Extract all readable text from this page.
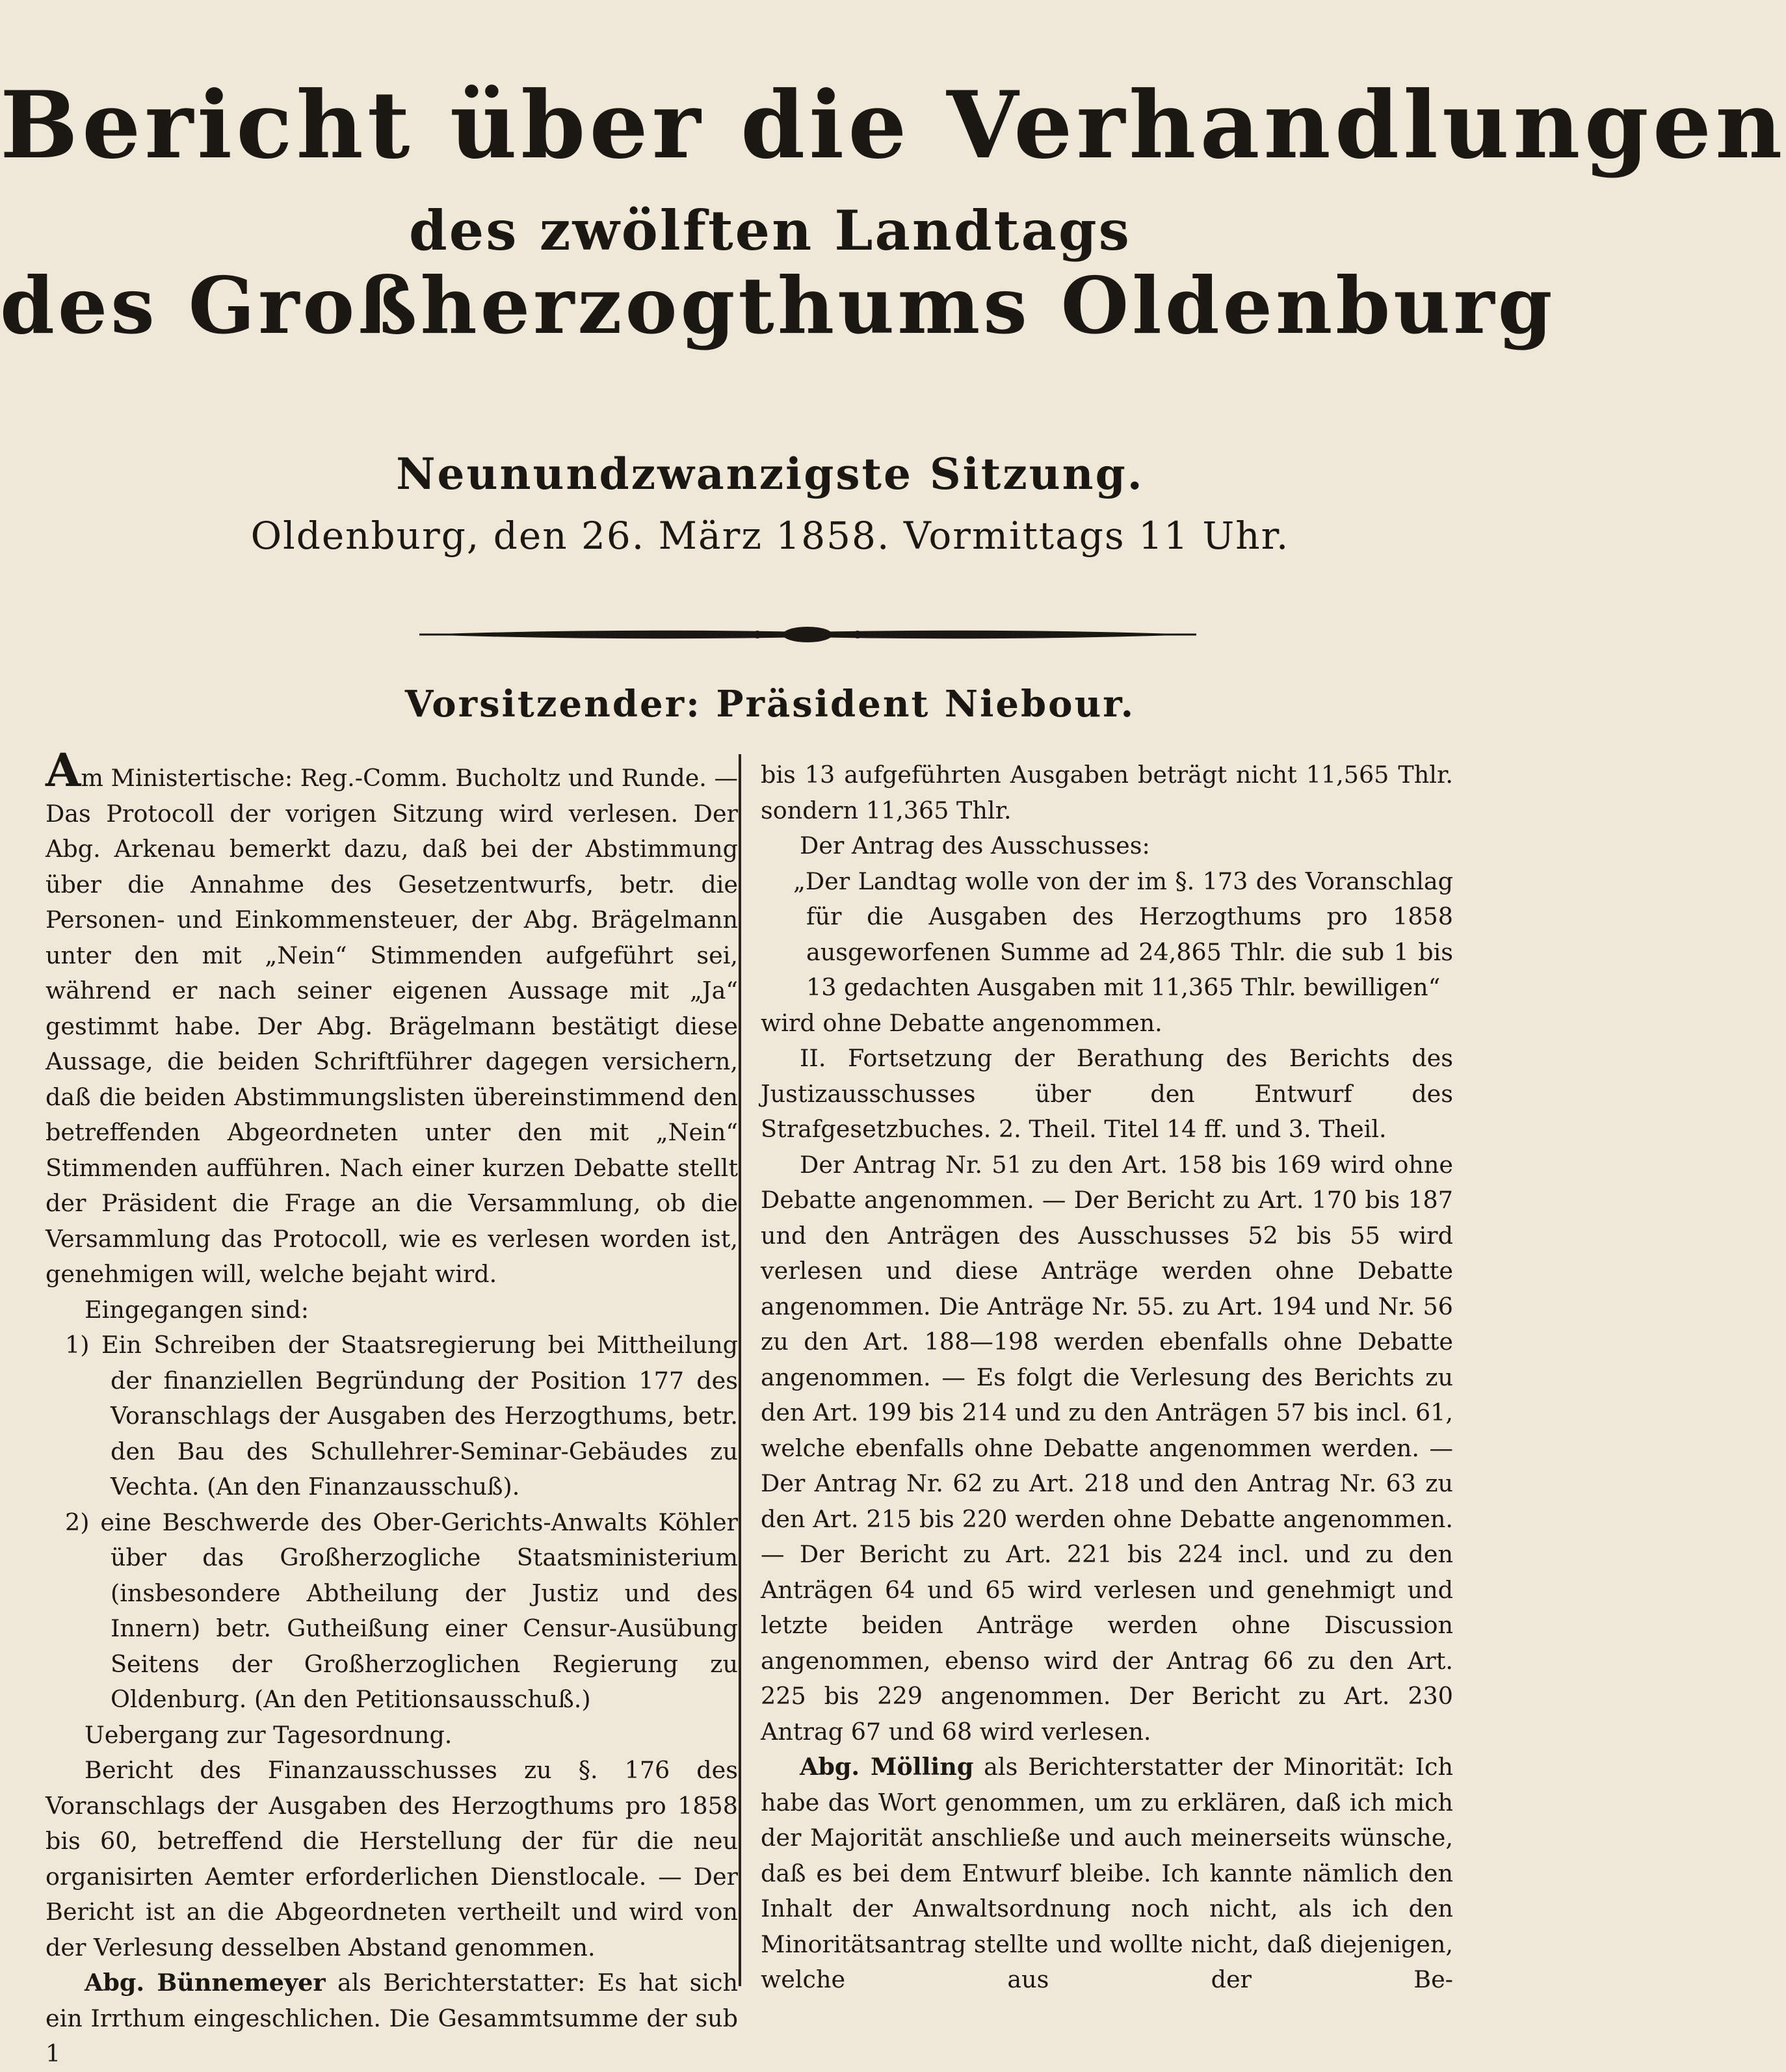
Bericht über die Verhandlungen
des zwölften Landtags
des Großherzogthums Oldenburg
Neunundzwanzigste Sitzung.
Oldenburg, den 26. März 1858. Vormittags 11 Uhr.
Vorsitzender: Präsident Niebour.

Am Ministertische: Reg.-Comm. Bucholtz und Runde. — Das Protocoll der vorigen Sitzung wird verlesen. Der Abg. Arkenau bemerkt dazu, daß bei der Abstimmung über die Annahme des Gesetzentwurfs, betr. die Personen- und Einkommensteuer, der Abg. Brägelmann unter den mit „Nein“ Stimmenden aufgeführt sei, während er nach seiner eigenen Aussage mit „Ja“ gestimmt habe. Der Abg. Brägelmann bestätigt diese Aussage, die beiden Schriftführer dagegen versichern, daß die beiden Abstimmungslisten übereinstimmend den betreffenden Abgeordneten unter den mit „Nein“ Stimmenden aufführen. Nach einer kurzen Debatte stellt der Präsident die Frage an die Versammlung, ob die Versammlung das Protocoll, wie es verlesen worden ist, genehmigen will, welche bejaht wird.

Eingegangen sind:

1) Ein Schreiben der Staatsregierung bei Mittheilung der finanziellen Begründung der Position 177 des Voranschlags der Ausgaben des Herzogthums, betr. den Bau des Schullehrer-Seminar-Gebäudes zu Vechta. (An den Finanzausschuß).

2) eine Beschwerde des Ober-Gerichts-Anwalts Köhler über das Großherzogliche Staatsministerium (insbesondere Abtheilung der Justiz und des Innern) betr. Gutheißung einer Censur-Ausübung Seitens der Großherzoglichen Regierung zu Oldenburg. (An den Petitionsausschuß.)

Uebergang zur Tagesordnung.

Bericht des Finanzausschusses zu §. 176 des Voranschlags der Ausgaben des Herzogthums pro 1858 bis 60, betreffend die Herstellung der für die neu organisirten Aemter erforderlichen Dienstlocale. — Der Bericht ist an die Abgeordneten vertheilt und wird von der Verlesung desselben Abstand genommen.

Abg. Bünnemeyer als Berichterstatter: Es hat sich ein Irrthum eingeschlichen. Die Gesammtsumme der sub 1

bis 13 aufgeführten Ausgaben beträgt nicht 11,565 Thlr. sondern 11,365 Thlr.

Der Antrag des Ausschusses:

„Der Landtag wolle von der im §. 173 des Voranschlag für die Ausgaben des Herzogthums pro 1858 ausgeworfenen Summe ad 24,865 Thlr. die sub 1 bis 13 gedachten Ausgaben mit 11,365 Thlr. bewilligen“

wird ohne Debatte angenommen.

II. Fortsetzung der Berathung des Berichts des Justizausschusses über den Entwurf des Strafgesetzbuches. 2. Theil. Titel 14 ff. und 3. Theil.

Der Antrag Nr. 51 zu den Art. 158 bis 169 wird ohne Debatte angenommen. — Der Bericht zu Art. 170 bis 187 und den Anträgen des Ausschusses 52 bis 55 wird verlesen und diese Anträge werden ohne Debatte angenommen. Die Anträge Nr. 55. zu Art. 194 und Nr. 56 zu den Art. 188—198 werden ebenfalls ohne Debatte angenommen. — Es folgt die Verlesung des Berichts zu den Art. 199 bis 214 und zu den Anträgen 57 bis incl. 61, welche ebenfalls ohne Debatte angenommen werden. — Der Antrag Nr. 62 zu Art. 218 und den Antrag Nr. 63 zu den Art. 215 bis 220 werden ohne Debatte angenommen. — Der Bericht zu Art. 221 bis 224 incl. und zu den Anträgen 64 und 65 wird verlesen und genehmigt und letzte beiden Anträge werden ohne Discussion angenommen, ebenso wird der Antrag 66 zu den Art. 225 bis 229 angenommen. Der Bericht zu Art. 230 Antrag 67 und 68 wird verlesen.

Abg. Mölling als Berichterstatter der Minorität: Ich habe das Wort genommen, um zu erklären, daß ich mich der Majorität anschließe und auch meinerseits wünsche, daß es bei dem Entwurf bleibe. Ich kannte nämlich den Inhalt der Anwaltsordnung noch nicht, als ich den Minoritätsantrag stellte und wollte nicht, daß diejenigen, welche aus der Be-
